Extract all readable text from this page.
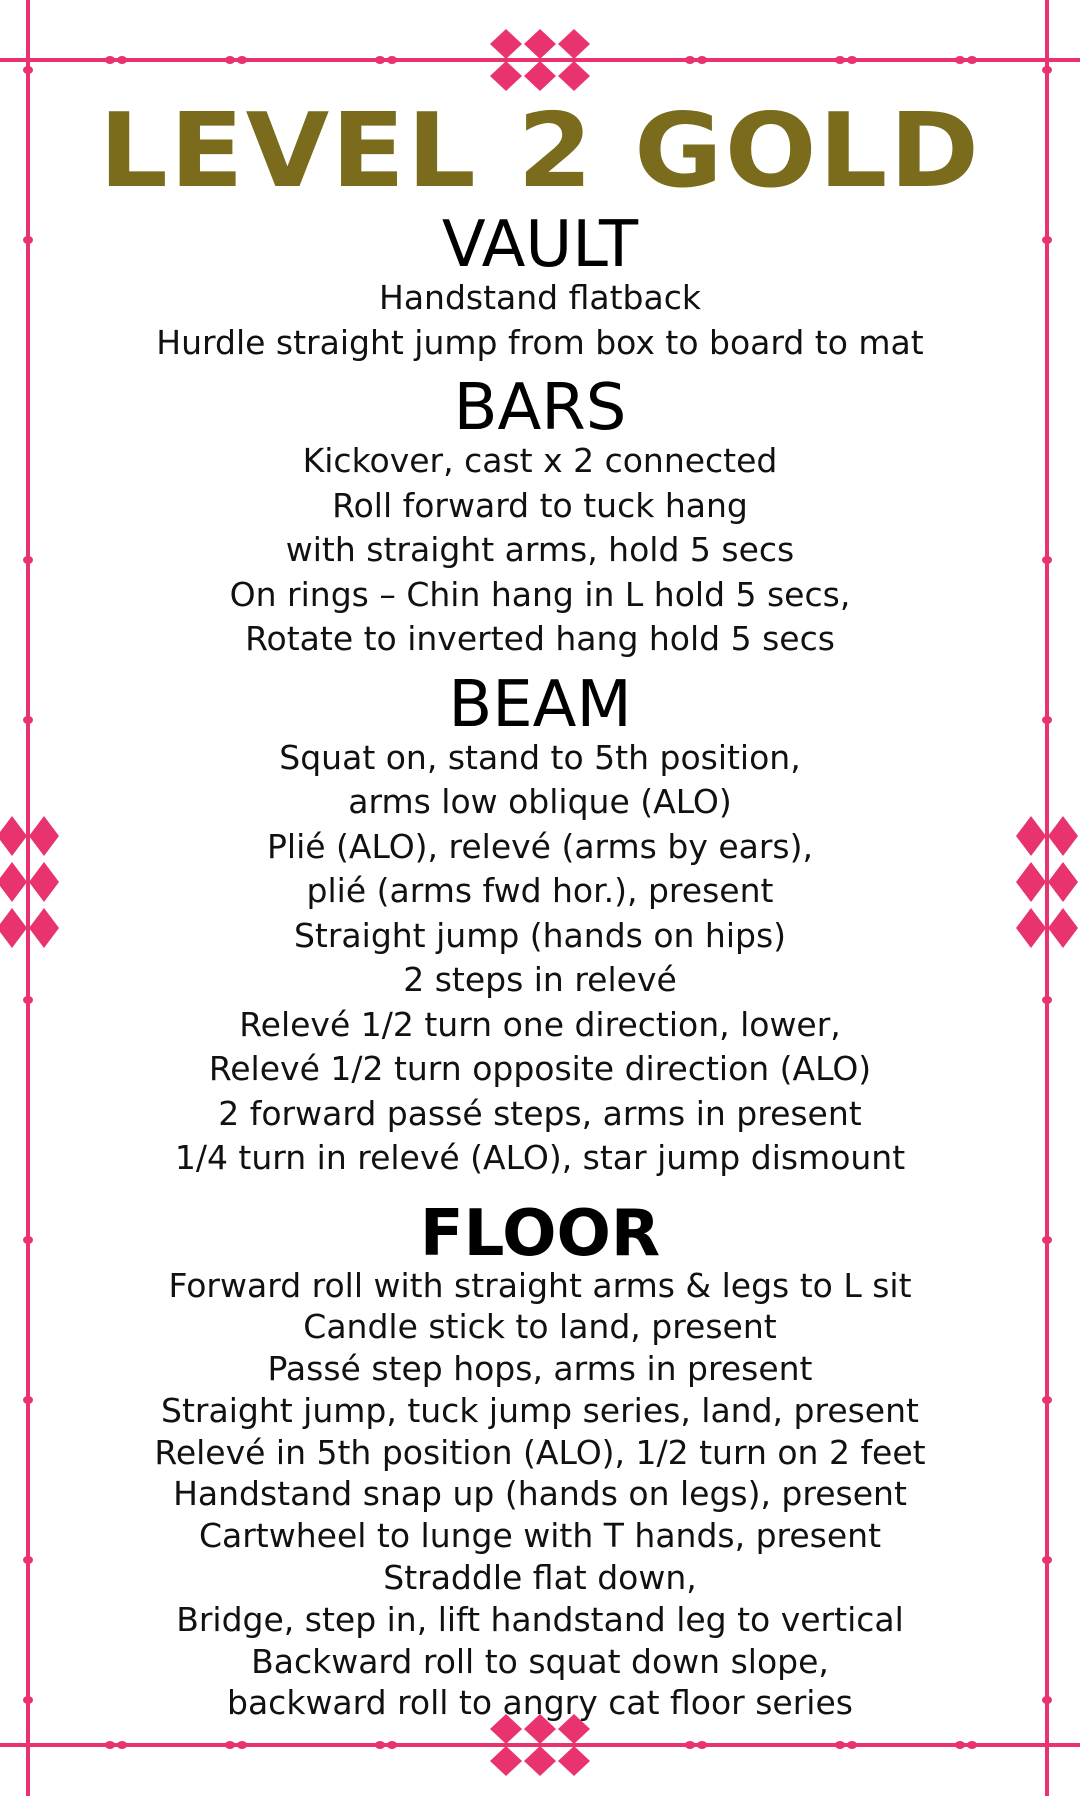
LEVEL 2 GOLD
VAULT
Handstand flatback
Hurdle straight jump from box to board to mat
BARS
Kickover, cast x 2 connected
Roll forward to tuck hang
with straight arms, hold 5 secs
On rings – Chin hang in L hold 5 secs,
Rotate to inverted hang hold 5 secs
BEAM
Squat on, stand to 5th position,
arms low oblique (ALO)
Plié (ALO), relevé (arms by ears),
plié (arms fwd hor.), present
Straight jump (hands on hips)
2 steps in relevé
Relevé 1/2 turn one direction, lower,
Relevé 1/2 turn opposite direction (ALO)
2 forward passé steps, arms in present
1/4 turn in relevé (ALO), star jump dismount
FLOOR
Forward roll with straight arms & legs to L sit
Candle stick to land, present
Passé step hops, arms in present
Straight jump, tuck jump series, land, present
Relevé in 5th position (ALO), 1/2 turn on 2 feet
Handstand snap up (hands on legs), present
Cartwheel to lunge with T hands, present
Straddle flat down,
Bridge, step in, lift handstand leg to vertical
Backward roll to squat down slope,
backward roll to angry cat floor series
